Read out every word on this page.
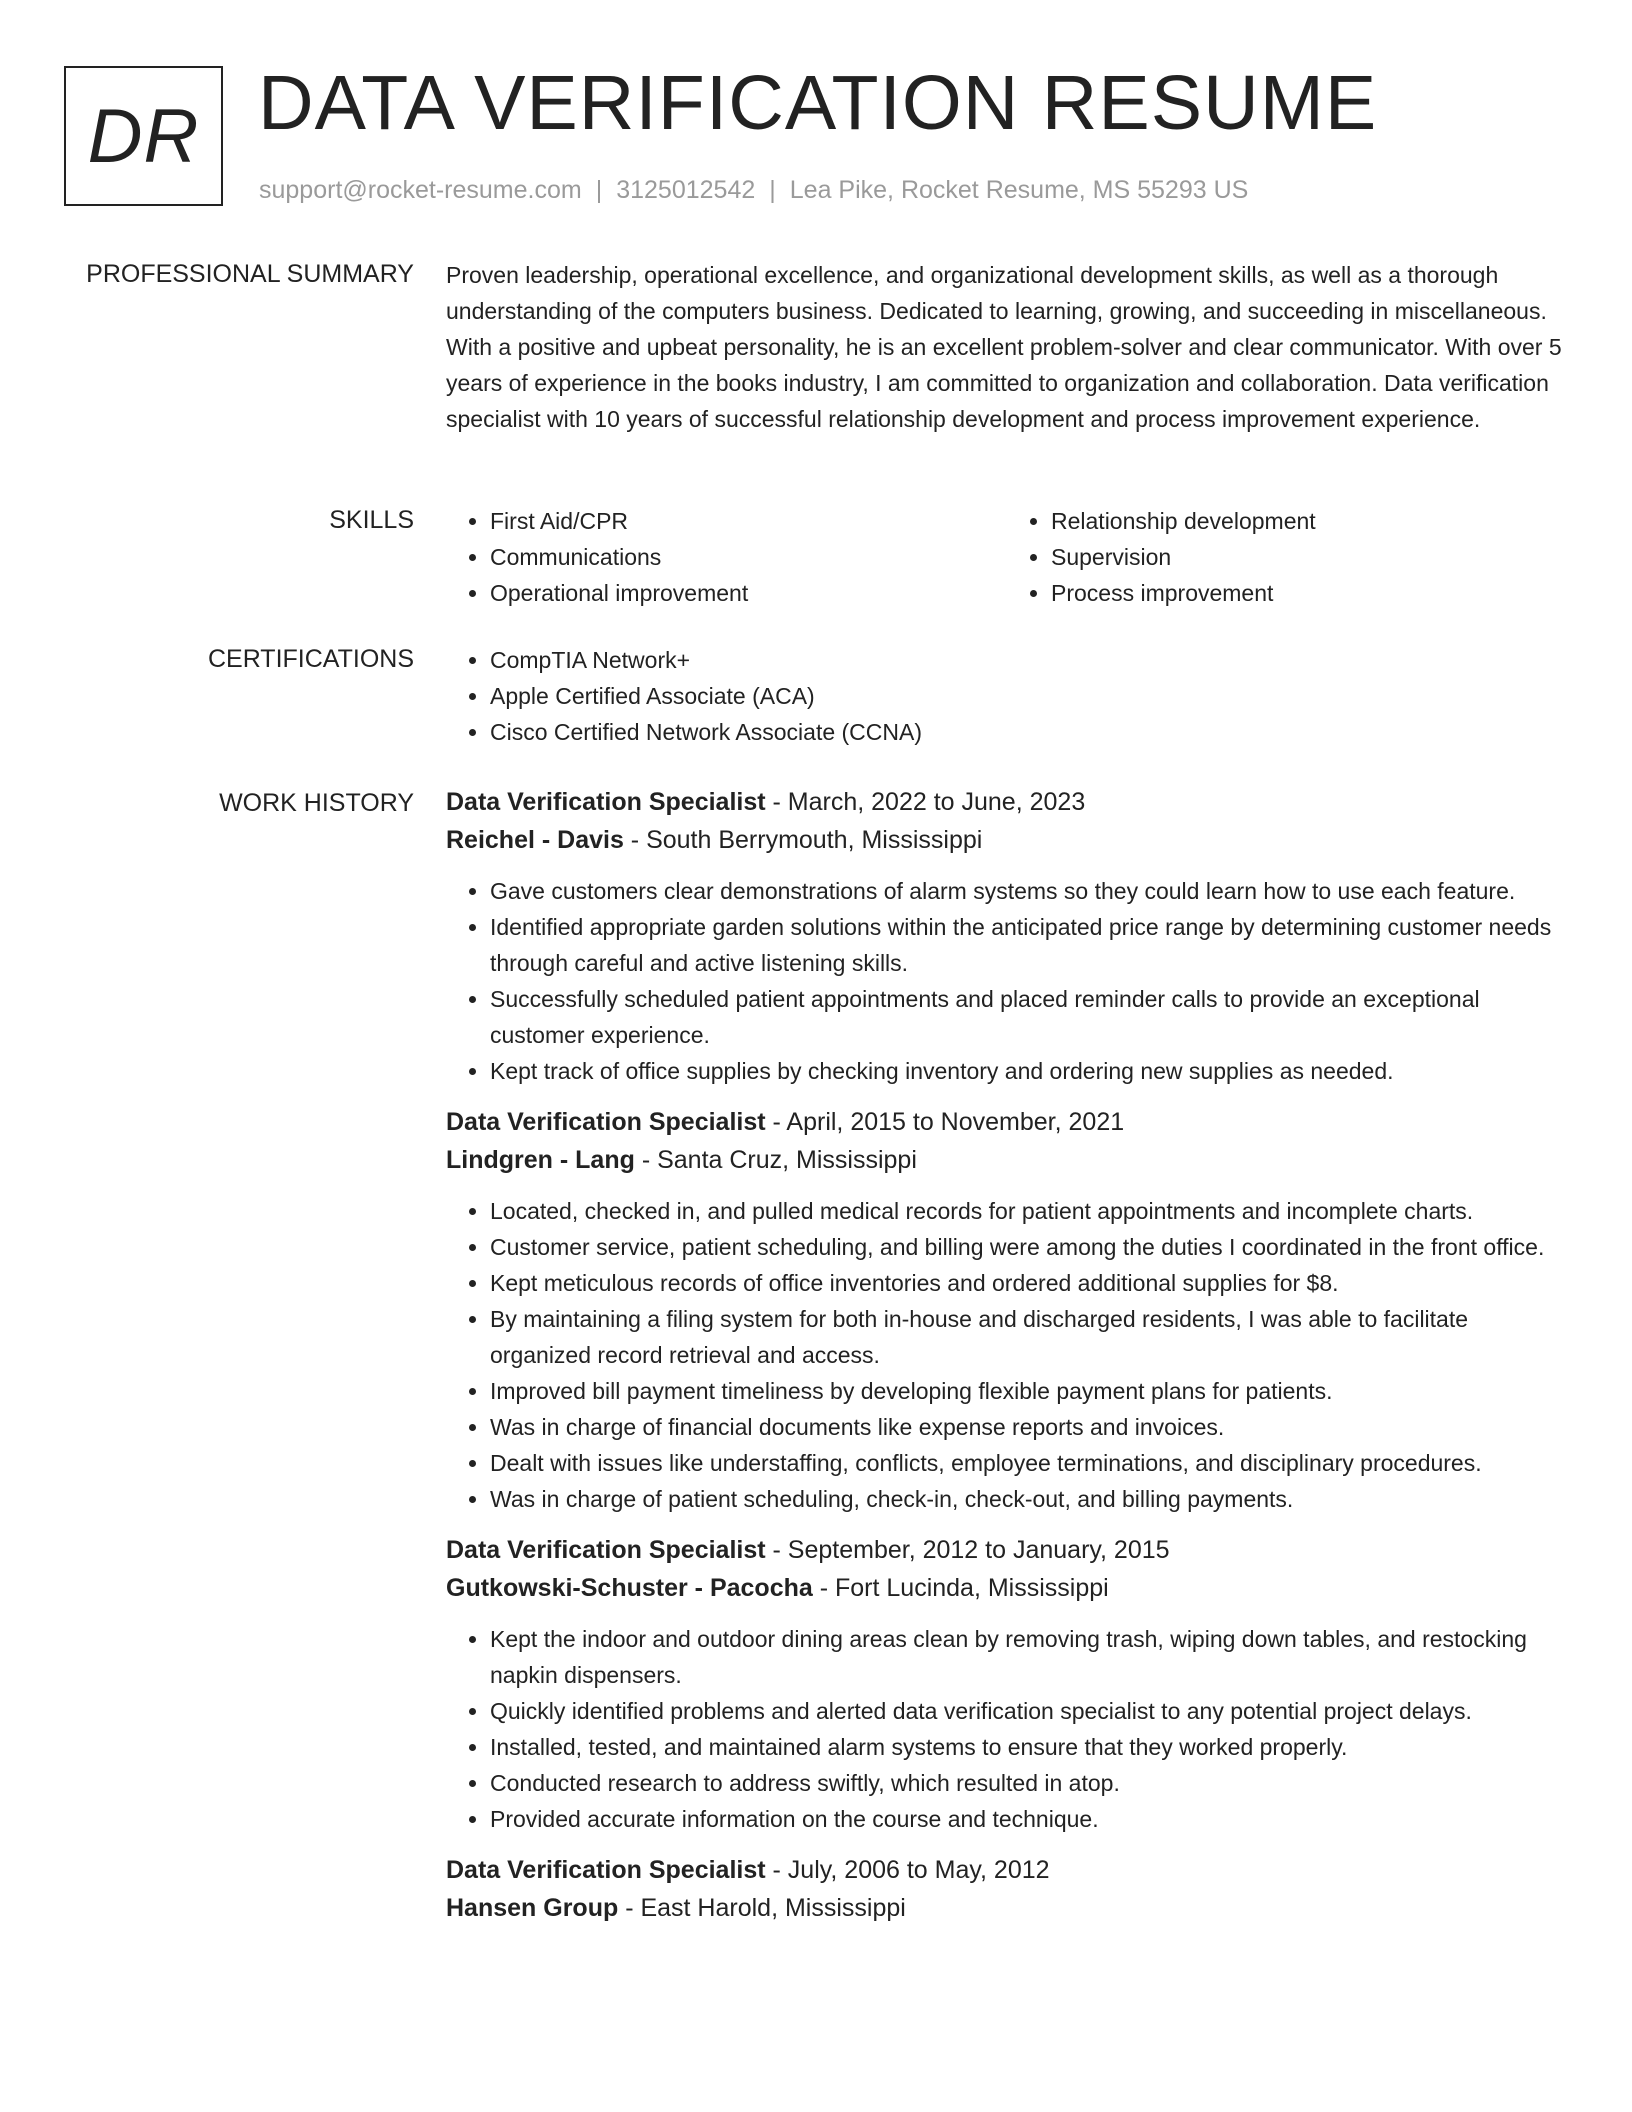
DR DATA VERIFICATION RESUME
support@rocket-resume.com | 3125012542 | Lea Pike, Rocket Resume, MS 55293 US
PROFESSIONAL SUMMARY Proven leadership, operational excellence, and organizational development skills, as well as a thorough understanding of the computers business. Dedicated to learning, growing, and succeeding in miscellaneous. With a positive and upbeat personality, he is an excellent problem-solver and clear communicator. With over 5 years of experience in the books industry, I am committed to organization and collaboration. Data verification specialist with 10 years of successful relationship development and process improvement experience.

SKILLS	• First Aid/CPR
• Communications
• Operational improvement
• Relationship development
• Supervision
• Process improvement
CERTIFICATIONS	• CompTIA Network+
• Apple Certified Associate (ACA)
• Cisco Certified Network Associate (CCNA)
WORK HISTORY Data Verification Specialist - March, 2022 to June, 2023
Reichel - Davis - South Berrymouth, Mississippi
• Gave customers clear demonstrations of alarm systems so they could learn how to use each feature.
• Identified appropriate garden solutions within the anticipated price range by determining customer needs through careful and active listening skills.
• Successfully scheduled patient appointments and placed reminder calls to provide an exceptional customer experience.
• Kept track of office supplies by checking inventory and ordering new supplies as needed.
Data Verification Specialist - April, 2015 to November, 2021
Lindgren - Lang - Santa Cruz, Mississippi
• Located, checked in, and pulled medical records for patient appointments and incomplete charts.
• Customer service, patient scheduling, and billing were among the duties I coordinated in the front office.
• Kept meticulous records of office inventories and ordered additional supplies for $8.
• By maintaining a filing system for both in-house and discharged residents, I was able to facilitate organized record retrieval and access.
• Improved bill payment timeliness by developing flexible payment plans for patients.
• Was in charge of financial documents like expense reports and invoices.
• Dealt with issues like understaffing, conflicts, employee terminations, and disciplinary procedures.
• Was in charge of patient scheduling, check-in, check-out, and billing payments.
Data Verification Specialist - September, 2012 to January, 2015
Gutkowski-Schuster - Pacocha - Fort Lucinda, Mississippi
• Kept the indoor and outdoor dining areas clean by removing trash, wiping down tables, and restocking napkin dispensers.
• Quickly identified problems and alerted data verification specialist to any potential project delays.
• Installed, tested, and maintained alarm systems to ensure that they worked properly.
• Conducted research to address swiftly, which resulted in atop.
• Provided accurate information on the course and technique.
Data Verification Specialist - July, 2006 to May, 2012
Hansen Group - East Harold, Mississippi
